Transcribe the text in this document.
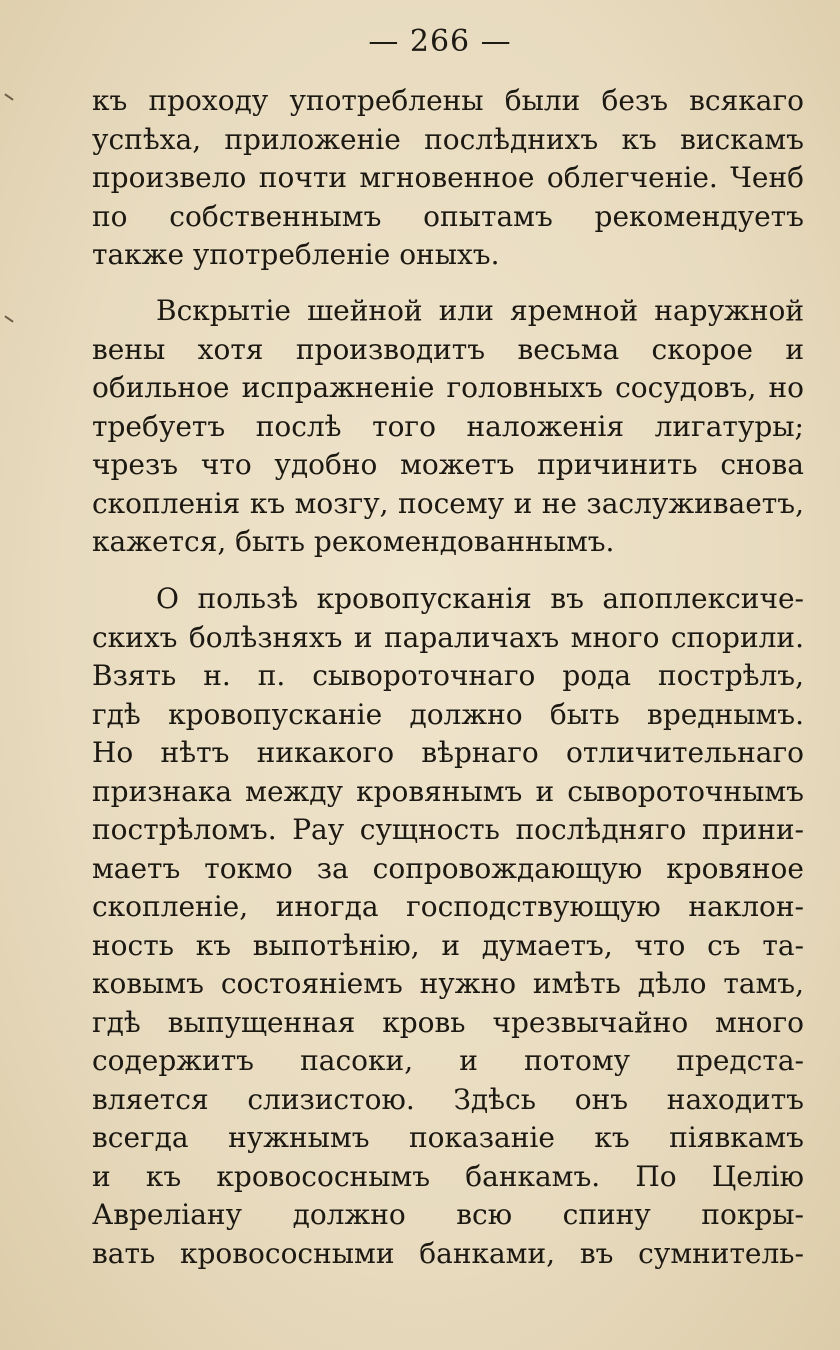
— 266 —
къ проходу употреблены были безъ всякаго
успѣха, приложеніе послѣднихъ къ вискамъ
произвело почти мгновенное облегченіе. Ченб
по собственнымъ опытамъ рекомендуетъ
также употребленіе оныхъ.
Вскрытіе шейной или яремной наружной
вены хотя производитъ весьма скорое и
обильное испражненіе головныхъ сосудовъ, но
требуетъ послѣ того наложенія лигатуры;
чрезъ что удобно можетъ причинить снова
скопленія къ мозгу, посему и не заслуживаетъ,
кажется, быть рекомендованнымъ.
О пользѣ кровопусканія въ апоплексиче-
скихъ болѣзняхъ и параличахъ много спорили.
Взять н. п. сывороточнаго рода пострѣлъ,
гдѣ кровопусканіе должно быть вреднымъ.
Но нѣтъ никакого вѣрнаго отличительнаго
признака между кровянымъ и сывороточнымъ
пострѣломъ. Рау сущность послѣдняго прини-
маетъ токмо за сопровождающую кровяное
скопленіе, иногда господствующую наклон-
ность къ выпотѣнію, и думаетъ, что съ та-
ковымъ состояніемъ нужно имѣть дѣло тамъ,
гдѣ выпущенная кровь чрезвычайно много
содержитъ пасоки, и потому предста-
вляется слизистою. Здѣсь онъ находитъ
всегда нужнымъ показаніе къ піявкамъ
и къ кровососнымъ банкамъ. По Целію
Авреліану должно всю спину покры-
вать кровососными банками, въ сумнитель-
